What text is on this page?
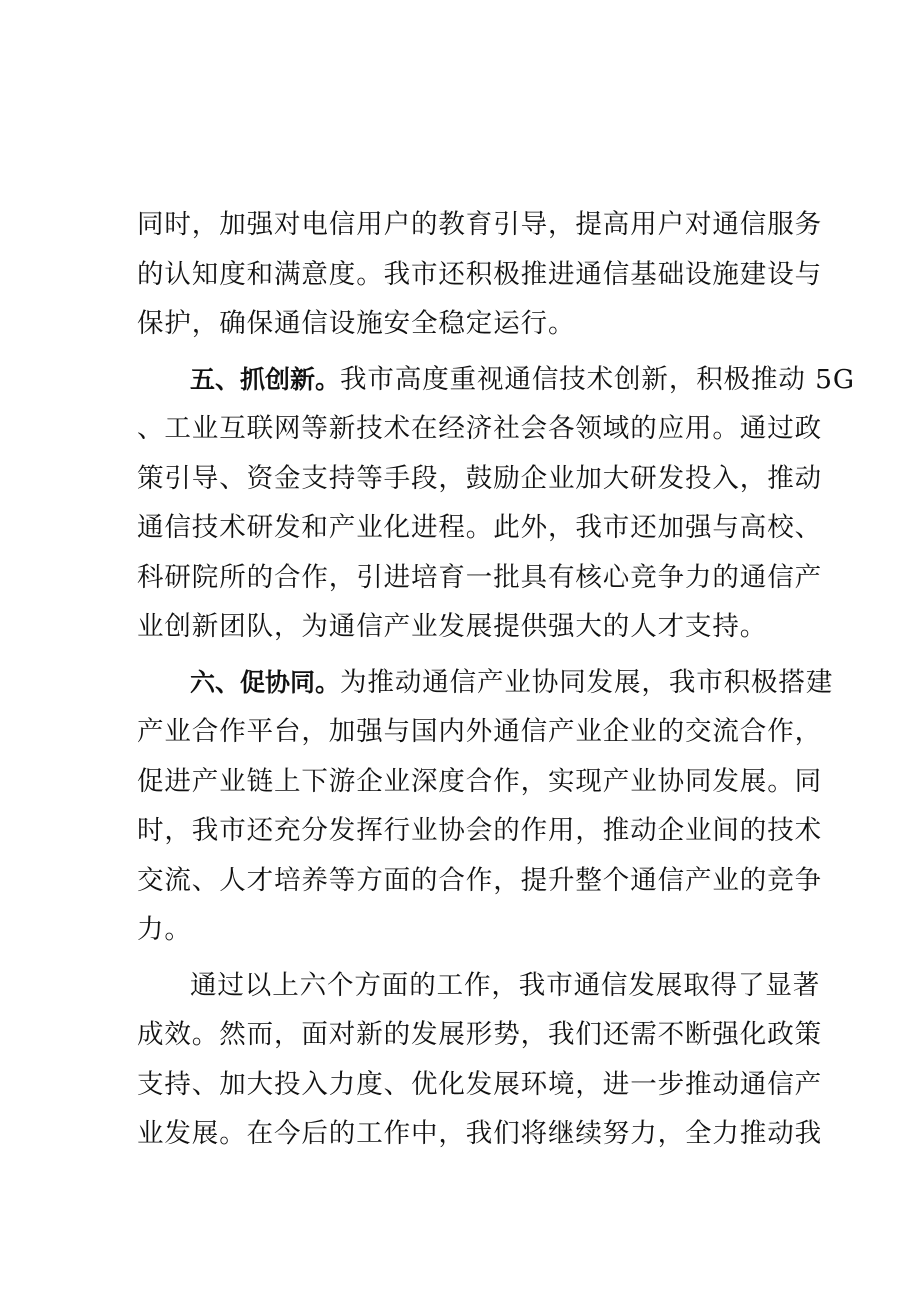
同时，加强对电信用户的教育引导，提高用户对通信服务
的认知度和满意度。我市还积极推进通信基础设施建设与
保护，确保通信设施安全稳定运行。
五、抓创新。我市高度重视通信技术创新，积极推动 5G
、工业互联网等新技术在经济社会各领域的应用。通过政
策引导、资金支持等手段，鼓励企业加大研发投入，推动
通信技术研发和产业化进程。此外，我市还加强与高校、
科研院所的合作，引进培育一批具有核心竞争力的通信产
业创新团队，为通信产业发展提供强大的人才支持。
六、促协同。为推动通信产业协同发展，我市积极搭建
产业合作平台，加强与国内外通信产业企业的交流合作，
促进产业链上下游企业深度合作，实现产业协同发展。同
时，我市还充分发挥行业协会的作用，推动企业间的技术
交流、人才培养等方面的合作，提升整个通信产业的竞争
力。
通过以上六个方面的工作，我市通信发展取得了显著
成效。然而，面对新的发展形势，我们还需不断强化政策
支持、加大投入力度、优化发展环境，进一步推动通信产
业发展。在今后的工作中，我们将继续努力，全力推动我
